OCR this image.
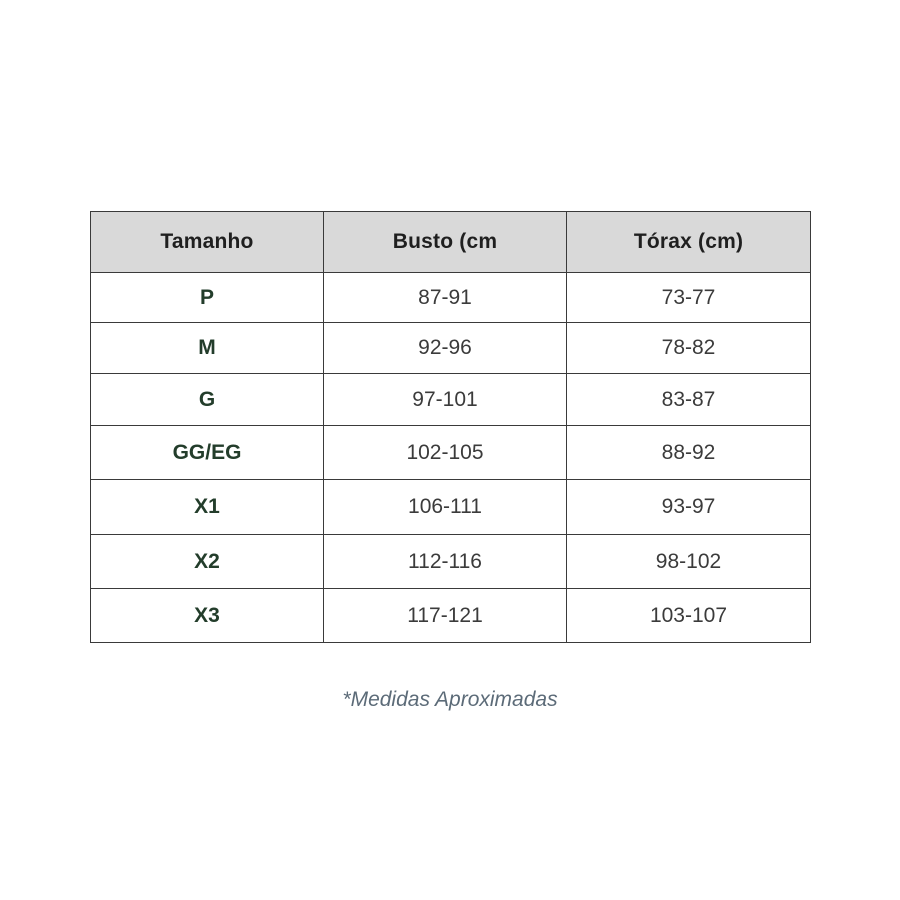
Tamanho	Busto (cm	Tórax (cm)
P	87-91	73-77
M	92-96	78-82
G	97-101	83-87
GG/EG	102-105	88-92
X1	106-111	93-97
X2	112-116	98-102
X3	117-121	103-107
*Medidas Aproximadas
